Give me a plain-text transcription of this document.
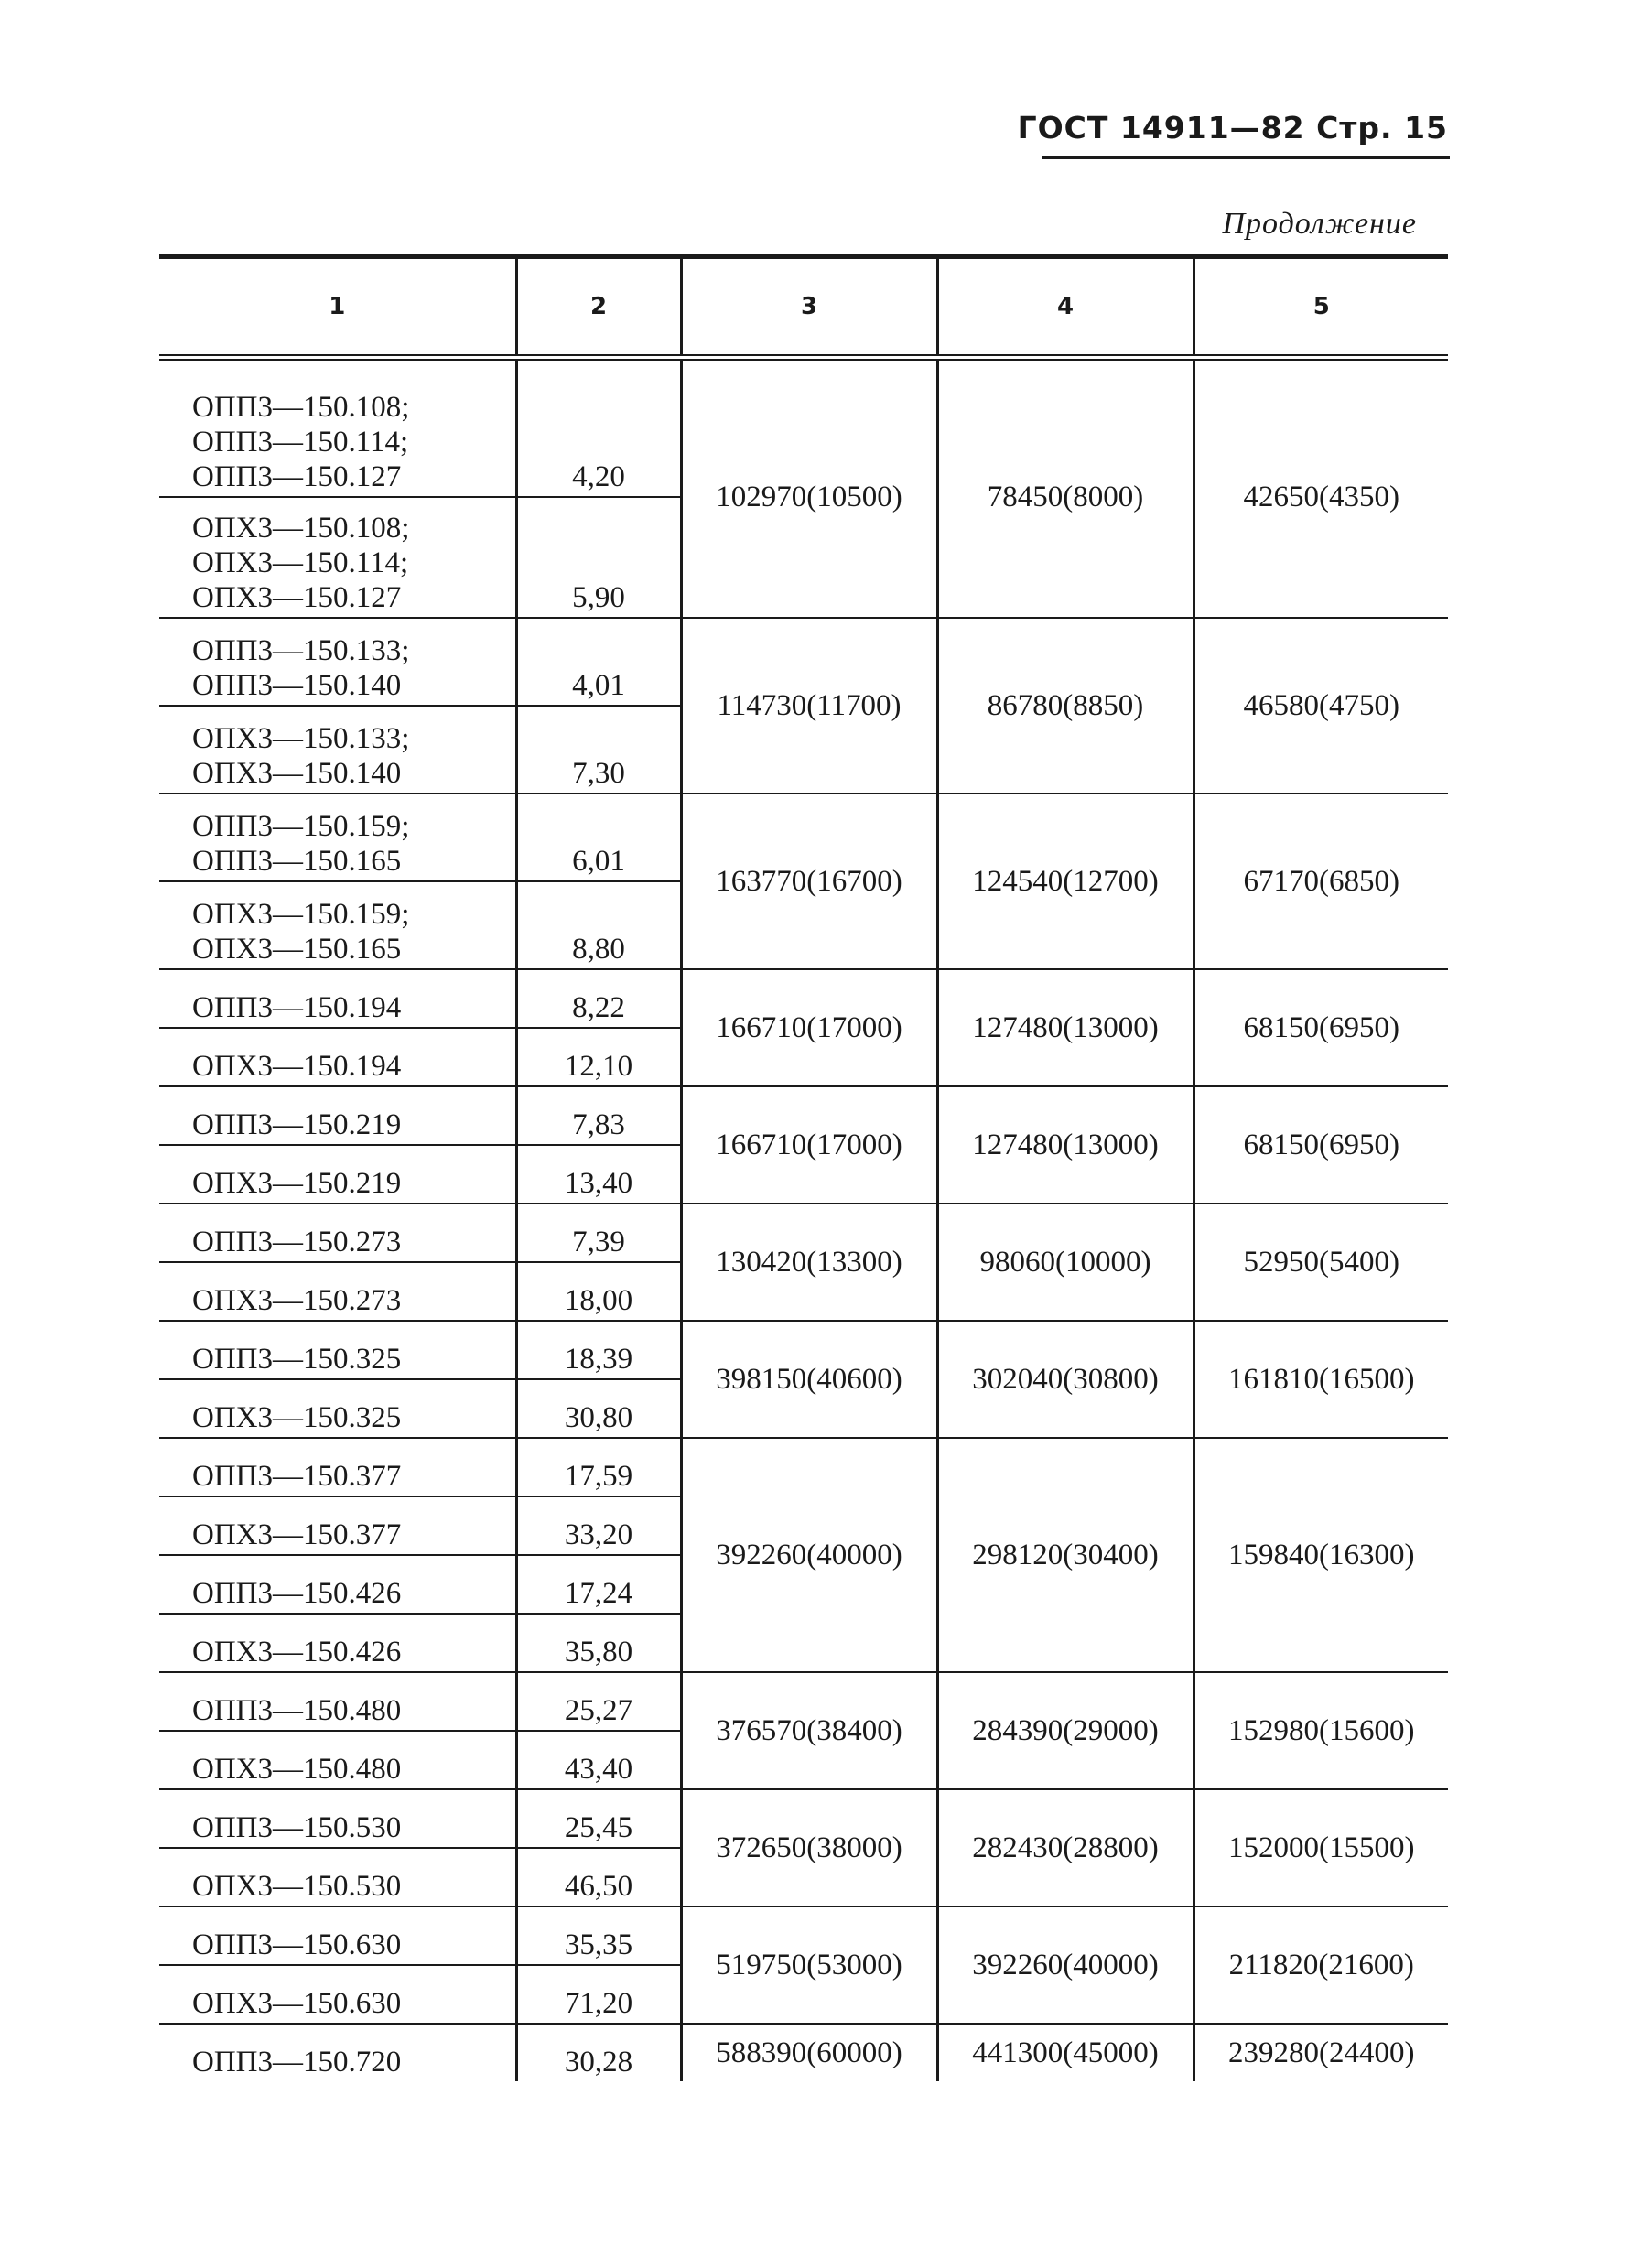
ГОСТ 14911—82 Стр. 15
Продолжение
1	2	3	4	5

ОПП3—150.108;
ОПП3—150.114;
ОПП3—150.127	4,20	102970(10500)	78450(8000)	42650(4350)

ОПХ3—150.108;
ОПХ3—150.114;
ОПХ3—150.127	5,90			

ОПП3—150.133;
ОПП3—150.140	4,01	114730(11700)	86780(8850)	46580(4750)

ОПХ3—150.133;
ОПХ3—150.140	7,30			

ОПП3—150.159;
ОПП3—150.165	6,01	163770(16700)	124540(12700)	67170(6850)

ОПХ3—150.159;
ОПХ3—150.165	8,80			

ОПП3—150.194	8,22	166710(17000)	127480(13000)	68150(6950)

ОПХ3—150.194	12,10			

ОПП3—150.219	7,83	166710(17000)	127480(13000)	68150(6950)

ОПХ3—150.219	13,40			

ОПП3—150.273	7,39	130420(13300)	98060(10000)	52950(5400)

ОПХ3—150.273	18,00			

ОПП3—150.325	18,39	398150(40600)	302040(30800)	161810(16500)

ОПХ3—150.325	30,80			

ОПП3—150.377	17,59	392260(40000)	298120(30400)	159840(16300)

ОПХ3—150.377	33,20			

ОПП3—150.426	17,24			

ОПХ3—150.426	35,80			

ОПП3—150.480	25,27	376570(38400)	284390(29000)	152980(15600)

ОПХ3—150.480	43,40			

ОПП3—150.530	25,45	372650(38000)	282430(28800)	152000(15500)

ОПХ3—150.530	46,50			

ОПП3—150.630	35,35	519750(53000)	392260(40000)	211820(21600)

ОПХ3—150.630	71,20			

ОПП3—150.720	30,28	588390(60000)	441300(45000)	239280(24400)
